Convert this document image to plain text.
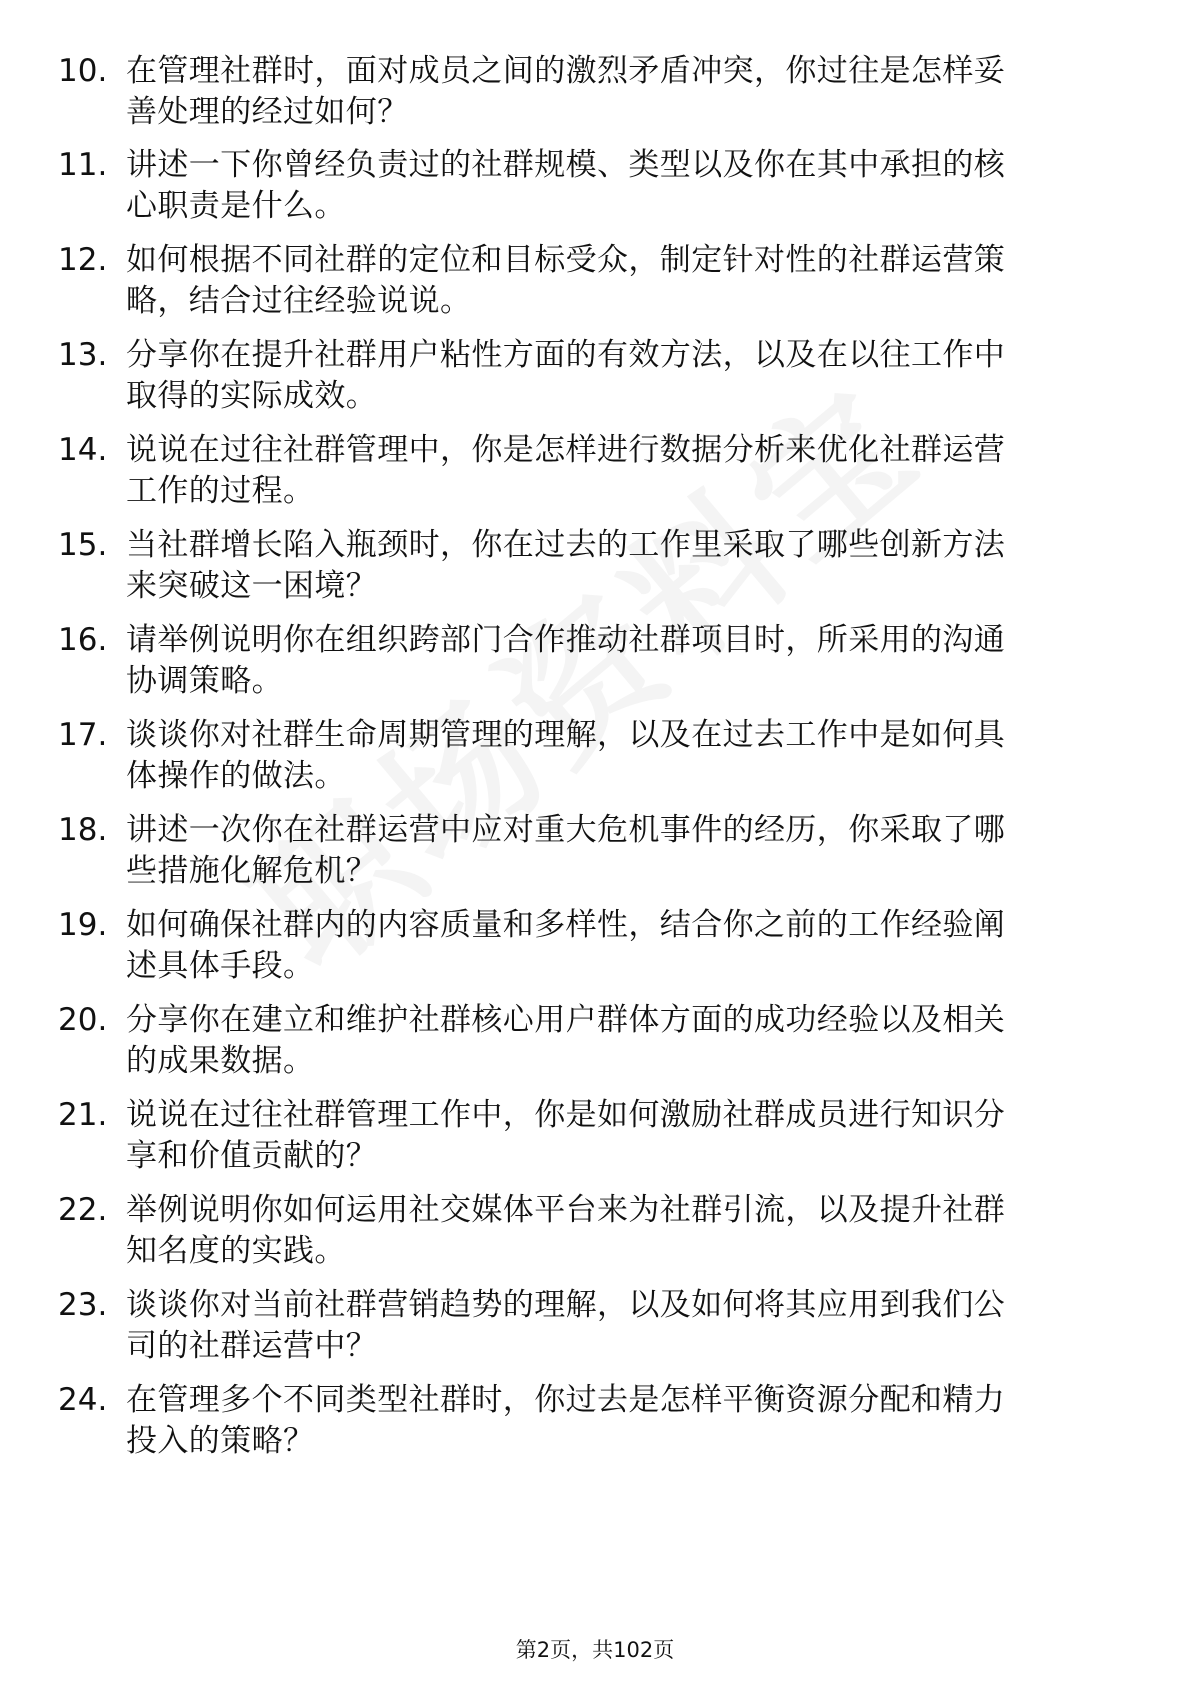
10. 在管理社群时，面对成员之间的激烈矛盾冲突，你过往是怎样妥
善处理的经过如何？
11. 讲述一下你曾经负责过的社群规模、类型以及你在其中承担的核
心职责是什么。
12. 如何根据不同社群的定位和目标受众，制定针对性的社群运营策
略，结合过往经验说说。
13. 分享你在提升社群用户粘性方面的有效方法，以及在以往工作中
取得的实际成效。
14. 说说在过往社群管理中，你是怎样进行数据分析来优化社群运营
工作的过程。
15. 当社群增长陷入瓶颈时，你在过去的工作里采取了哪些创新方法
来突破这一困境？
16. 请举例说明你在组织跨部门合作推动社群项目时，所采用的沟通
协调策略。
17. 谈谈你对社群生命周期管理的理解，以及在过去工作中是如何具
体操作的做法。
18. 讲述一次你在社群运营中应对重大危机事件的经历，你采取了哪
些措施化解危机？
19. 如何确保社群内的内容质量和多样性，结合你之前的工作经验阐
述具体手段。
20. 分享你在建立和维护社群核心用户群体方面的成功经验以及相关
的成果数据。
21. 说说在过往社群管理工作中，你是如何激励社群成员进行知识分
享和价值贡献的？
22. 举例说明你如何运用社交媒体平台来为社群引流，以及提升社群
知名度的实践。
23. 谈谈你对当前社群营销趋势的理解，以及如何将其应用到我们公
司的社群运营中？
24. 在管理多个不同类型社群时，你过去是怎样平衡资源分配和精力
投入的策略？
第2页，共102页
